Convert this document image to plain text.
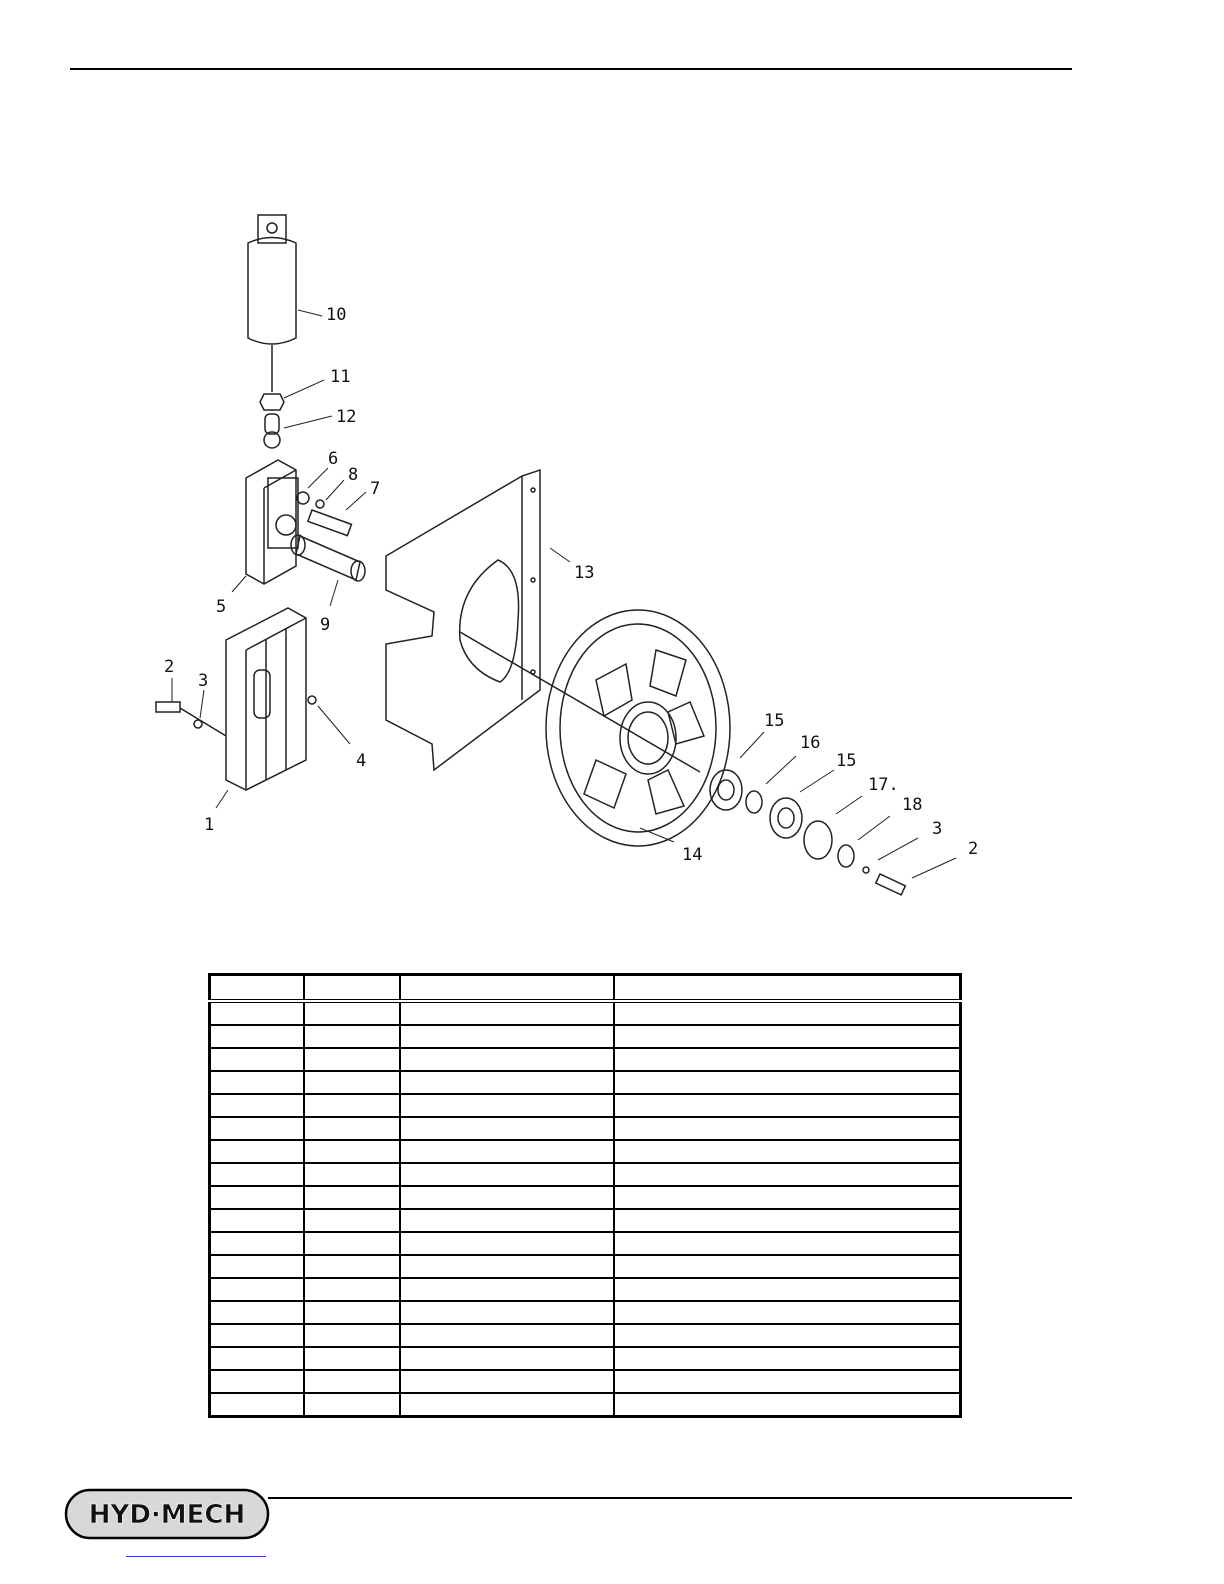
10
11
12
6
8
7
13
5
9
2
3
4
1
15
16
15
17.
18
3
2
14

HYD·MECH
